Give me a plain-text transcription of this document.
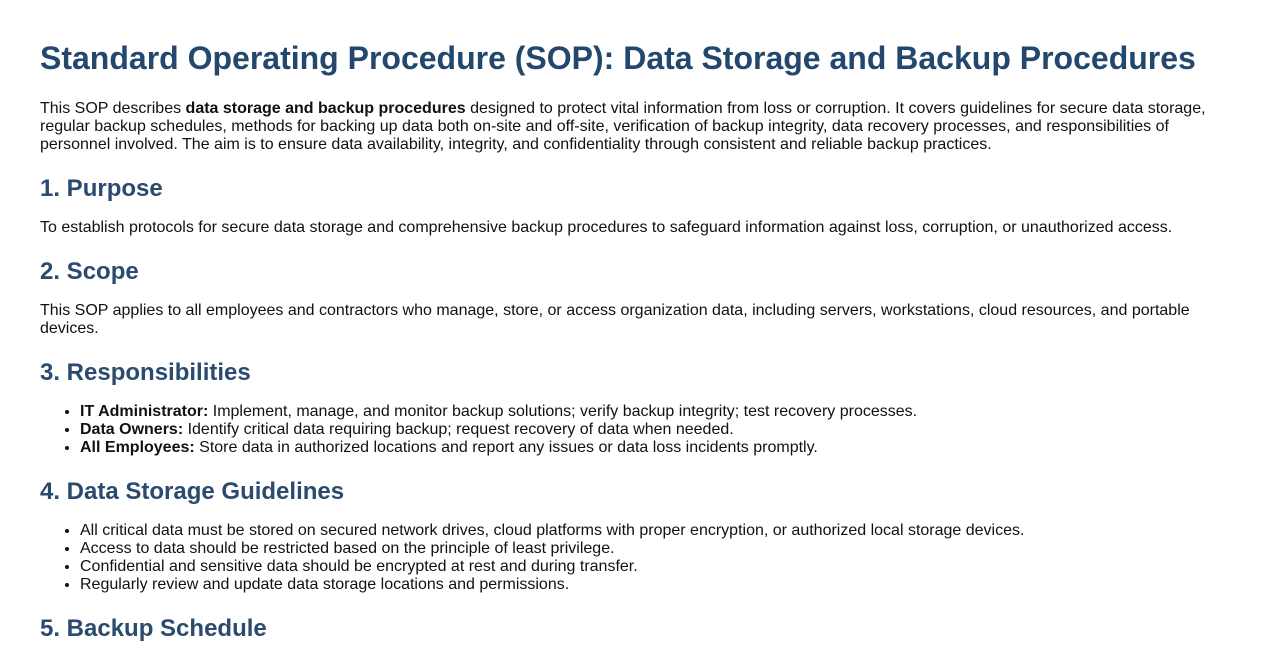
Standard Operating Procedure (SOP): Data Storage and Backup Procedures

This SOP describes data storage and backup procedures designed to protect vital information from loss or corruption. It covers guidelines for secure data storage, regular backup schedules, methods for backing up data both on-site and off-site, verification of backup integrity, data recovery processes, and responsibilities of personnel involved. The aim is to ensure data availability, integrity, and confidentiality through consistent and reliable backup practices.

1. Purpose

To establish protocols for secure data storage and comprehensive backup procedures to safeguard information against loss, corruption, or unauthorized access.

2. Scope

This SOP applies to all employees and contractors who manage, store, or access organization data, including servers, workstations, cloud resources, and portable devices.

3. Responsibilities
• IT Administrator: Implement, manage, and monitor backup solutions; verify backup integrity; test recovery processes.
• Data Owners: Identify critical data requiring backup; request recovery of data when needed.
• All Employees: Store data in authorized locations and report any issues or data loss incidents promptly.
4. Data Storage Guidelines
• All critical data must be stored on secured network drives, cloud platforms with proper encryption, or authorized local storage devices.
• Access to data should be restricted based on the principle of least privilege.
• Confidential and sensitive data should be encrypted at rest and during transfer.
• Regularly review and update data storage locations and permissions.
5. Backup Schedule
